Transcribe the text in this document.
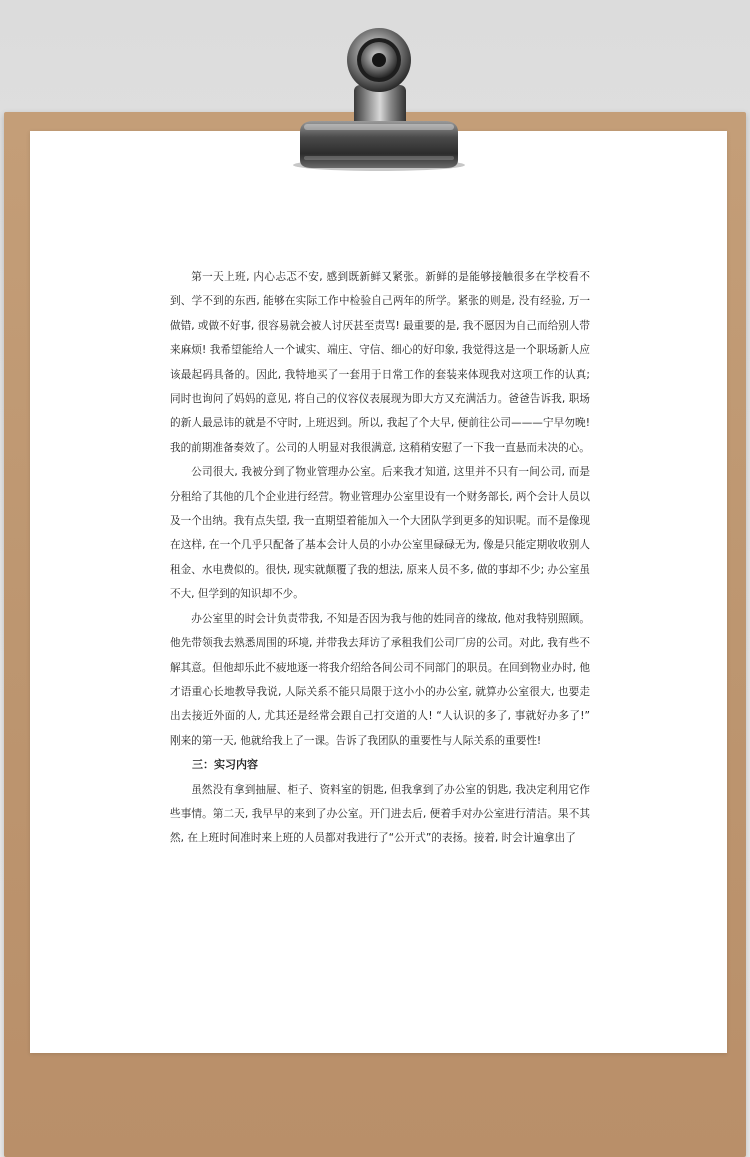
第一天上班, 内心忐忑不安, 感到既新鲜又紧张。新鲜的是能够接触很多在学校看不到、学不到的东西, 能够在实际工作中检验自己两年的所学。紧张的则是, 没有经验, 万一做错, 或做不好事, 很容易就会被人讨厌甚至责骂! 最重要的是, 我不愿因为自己而给别人带来麻烦! 我希望能给人一个诚实、端庄、守信、细心的好印象, 我觉得这是一个职场新人应该最起码具备的。因此, 我特地买了一套用于日常工作的套装来体现我对这项工作的认真; 同时也询问了妈妈的意见, 将自己的仪容仪表展现为即大方又充满活力。爸爸告诉我, 职场的新人最忌讳的就是不守时, 上班迟到。所以, 我起了个大早, 便前往公司———宁早勿晚! 我的前期准备奏效了。公司的人明显对我很满意, 这稍稍安慰了一下我一直悬而未决的心。

公司很大, 我被分到了物业管理办公室。后来我才知道, 这里并不只有一间公司, 而是分租给了其他的几个企业进行经营。物业管理办公室里设有一个财务部长, 两个会计人员以及一个出纳。我有点失望, 我一直期望着能加入一个大团队学到更多的知识呢。而不是像现在这样, 在一个几乎只配备了基本会计人员的小办公室里碌碌无为, 像是只能定期收收别人租金、水电费似的。很快, 现实就颠覆了我的想法, 原来人员不多, 做的事却不少; 办公室虽不大, 但学到的知识却不少。

办公室里的时会计负责带我, 不知是否因为我与他的姓同音的缘故, 他对我特别照顾。他先带领我去熟悉周围的环境, 并带我去拜访了承租我们公司厂房的公司。对此, 我有些不解其意。但他却乐此不疲地逐一将我介绍给各间公司不同部门的职员。在回到物业办时, 他才语重心长地教导我说, 人际关系不能只局限于这小小的办公室, 就算办公室很大, 也要走出去接近外面的人, 尤其还是经常会跟自己打交道的人! “人认识的多了, 事就好办多了!” 刚来的第一天, 他就给我上了一课。告诉了我团队的重要性与人际关系的重要性!

三：实习内容

虽然没有拿到抽屉、柜子、资料室的钥匙, 但我拿到了办公室的钥匙, 我决定利用它作些事情。第二天, 我早早的来到了办公室。开门进去后, 便着手对办公室进行清洁。果不其然, 在上班时间准时来上班的人员都对我进行了“公开式”的表扬。接着, 时会计遍拿出了
